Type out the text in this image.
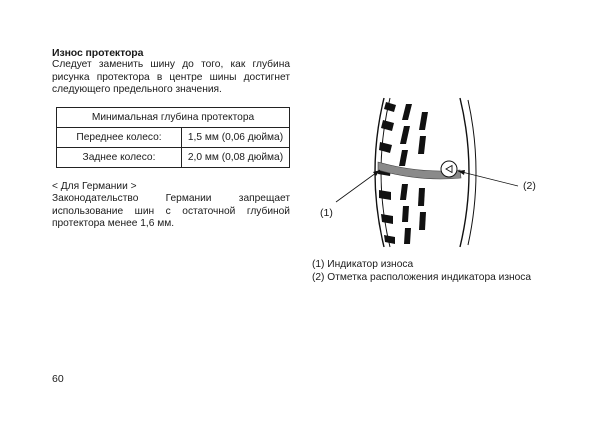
Износ протектора

Следует заменить шину до того, как глубина рисунка протектора в центре шины достигнет следующего предельного значения.

Минимальная глубина протектора	
Переднее колесо:	1,5 мм (0,06 дюйма)
Заднее колесо:	2,0 мм (0,08 дюйма)

< Для Германии >

Законодательство Германии запрещает использование шин с остаточной глубиной протектора менее 1,6 мм.

(1)

(2)

(1) Индикатор износа
(2) Отметка расположения индикатора износа

60
